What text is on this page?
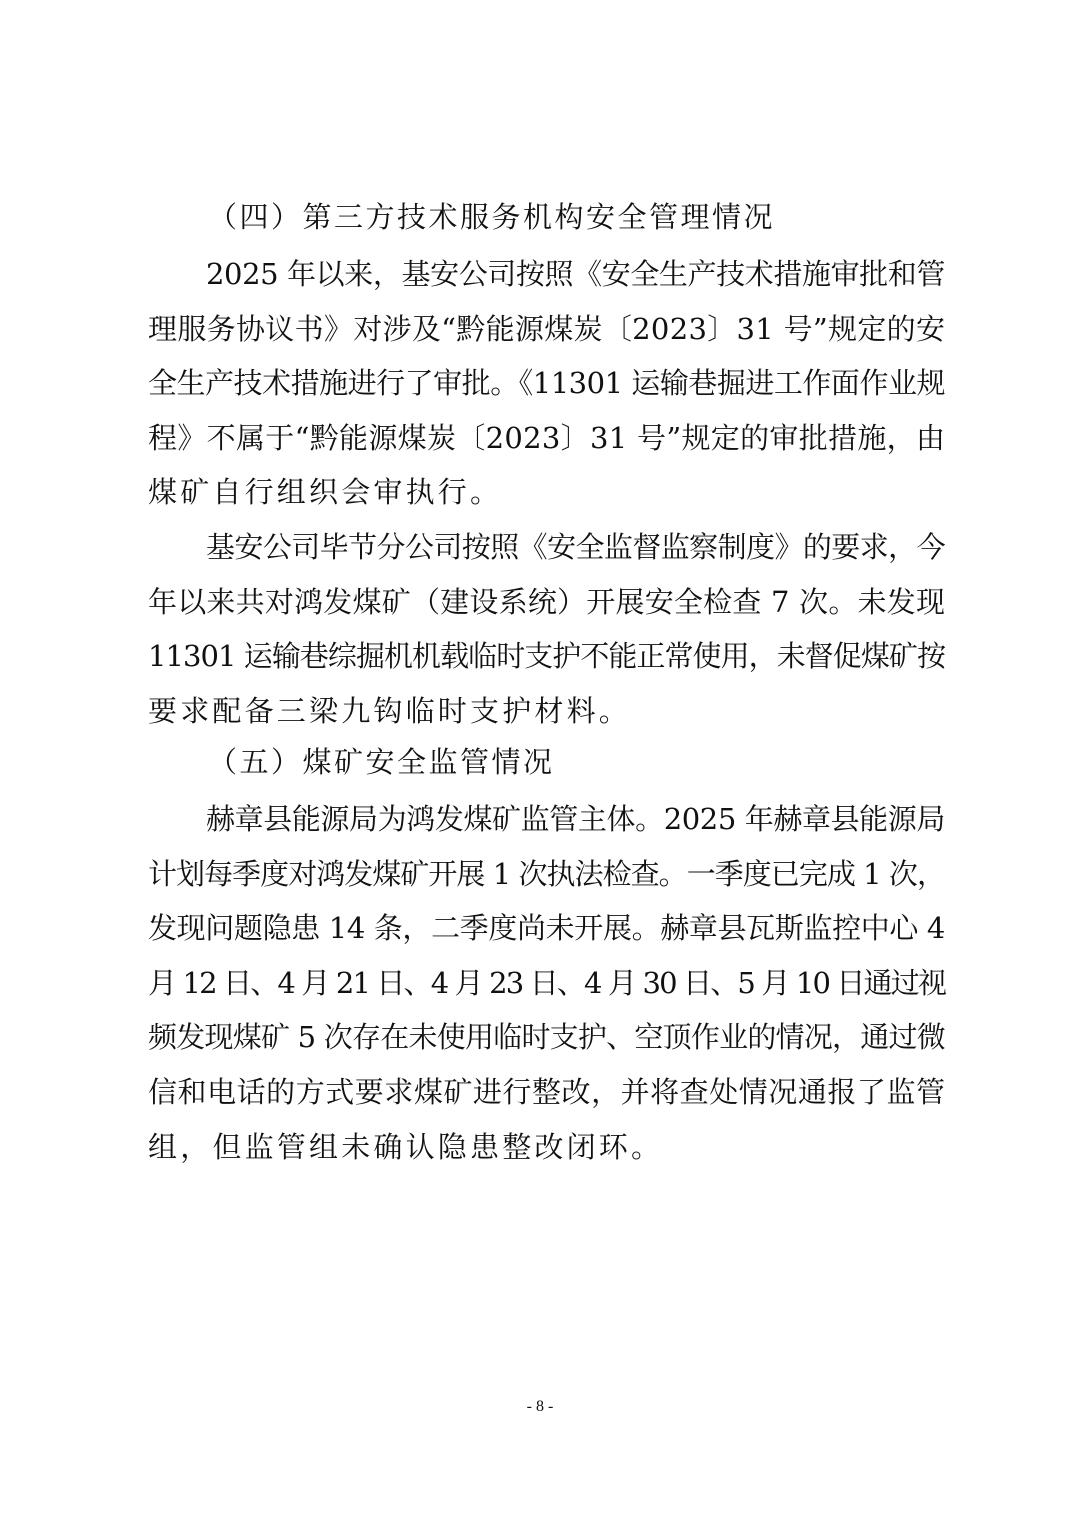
（四）第三方技术服务机构安全管理情况
2025 年以来，基安公司按照《安全生产技术措施审批和管
理服务协议书》对涉及“黔能源煤炭〔2023〕31 号”规定的安
全生产技术措施进行了审批。《11301 运输巷掘进工作面作业规
程》不属于“黔能源煤炭〔2023〕31 号”规定的审批措施，由
煤矿自行组织会审执行。
基安公司毕节分公司按照《安全监督监察制度》的要求，今
年以来共对鸿发煤矿（建设系统）开展安全检查 7 次。未发现
11301 运输巷综掘机机载临时支护不能正常使用，未督促煤矿按
要求配备三梁九钩临时支护材料。
（五）煤矿安全监管情况
赫章县能源局为鸿发煤矿监管主体。2025 年赫章县能源局
计划每季度对鸿发煤矿开展 1 次执法检查。一季度已完成 1 次，
发现问题隐患 14 条，二季度尚未开展。赫章县瓦斯监控中心 4
月 12 日、4 月 21 日、4 月 23 日、4 月 30 日、5 月 10 日通过视
频发现煤矿 5 次存在未使用临时支护、空顶作业的情况，通过微
信和电话的方式要求煤矿进行整改，并将查处情况通报了监管
组，但监管组未确认隐患整改闭环。
- 8 -
